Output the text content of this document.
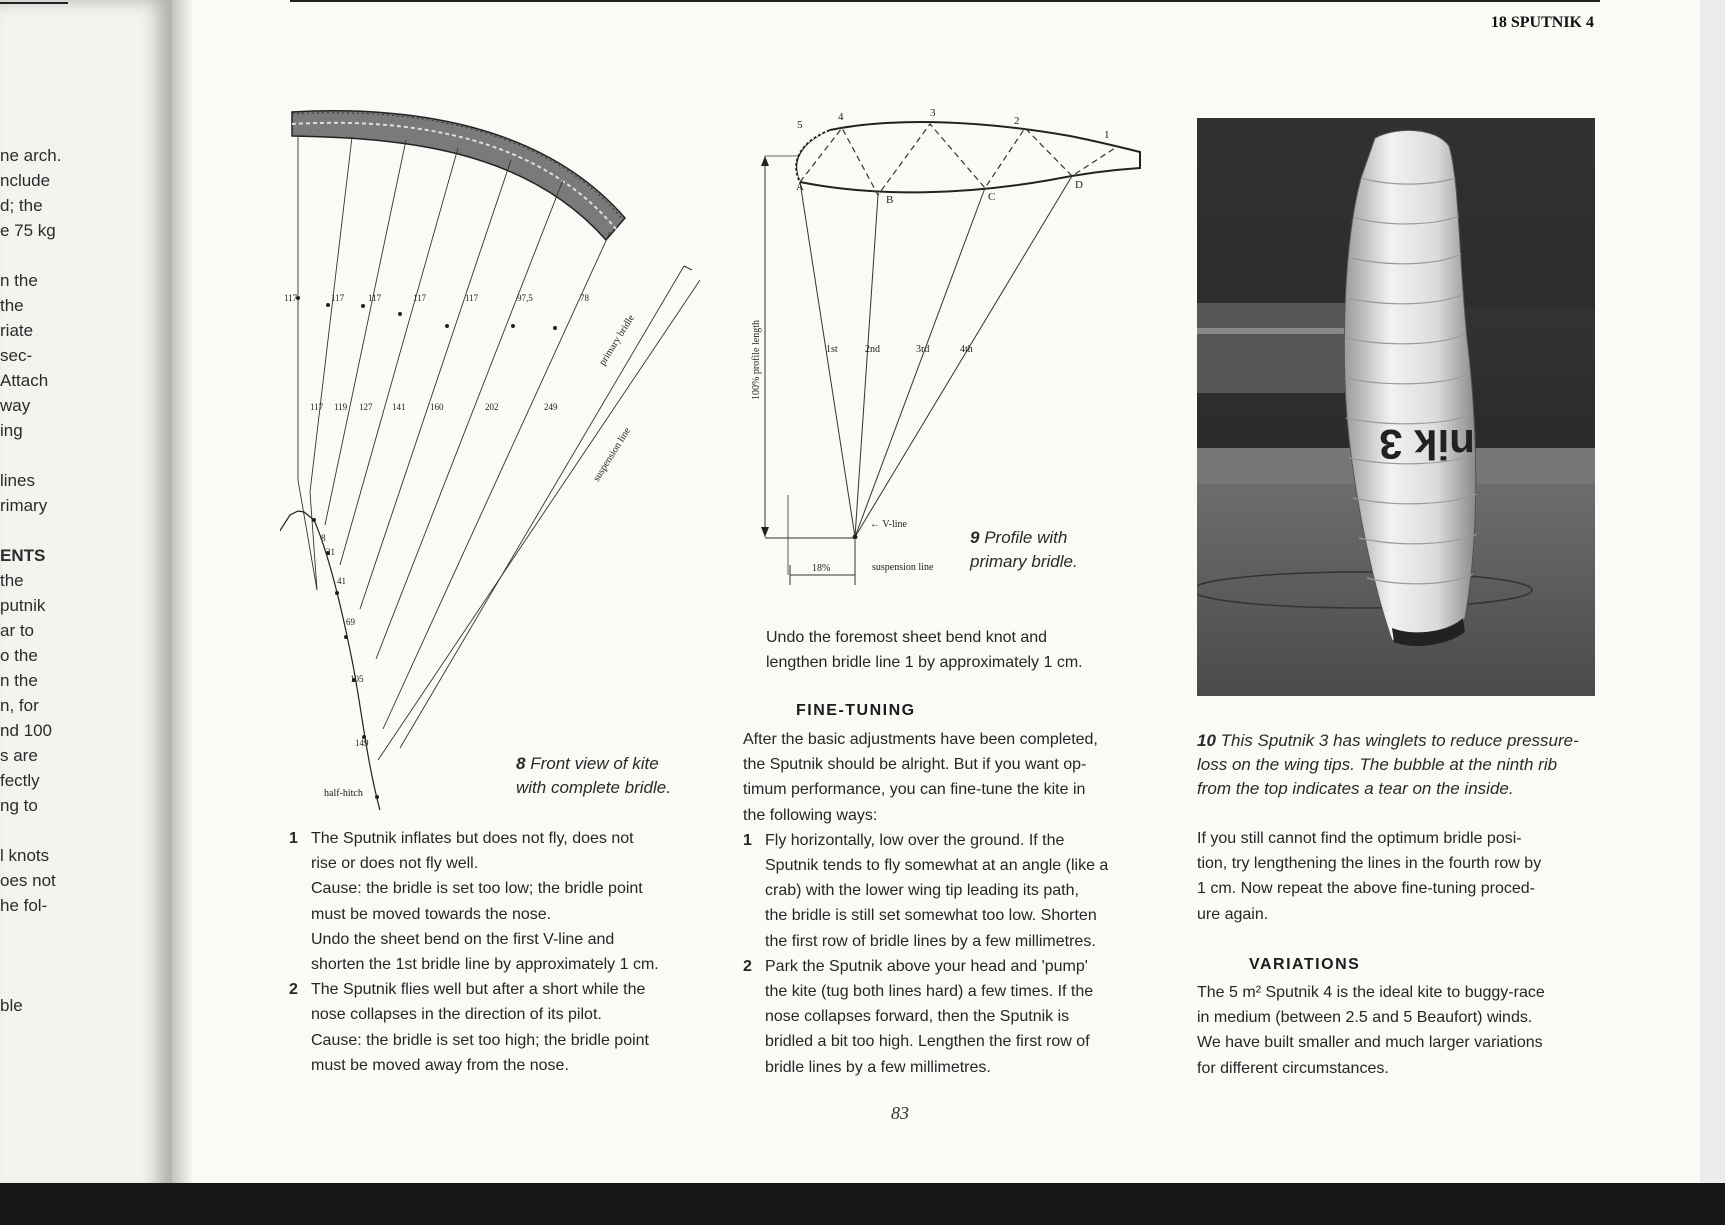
ne arch.
nclude
d; the
e 75 kg
n the
the
riate
sec-
Attach
way
ing
lines
rimary
ENTS
the
putnik
ar to
o the
n the
n, for
nd 100
s are
fectly
ng to
l knots
oes not
he fol-
ble
18 SPUTNIK 4
117	117	117	117	117	97,5	78
117 119 127 141	160	202	249
8
21
41
69
105
149
half-hitch
primary bridle
suspension line
8 Front view of kite
with complete bridle.
5
4	3
2
1
A
B	C
D
1st	2nd	3rd	4th
← V-line
100% profile length
18%	suspension line
9 Profile with
primary bridle.
nik 3
10 This Sputnik 3 has winglets to reduce pressure-
loss on the wing tips. The bubble at the ninth rib
from the top indicates a tear on the inside.
1 The Sputnik inflates but does not fly, does not
rise or does not fly well.
Cause: the bridle is set too low; the bridle point
must be moved towards the nose.
Undo the sheet bend on the first V-line and
shorten the 1st bridle line by approximately 1 cm.
2 The Sputnik flies well but after a short while the
nose collapses in the direction of its pilot.
Cause: the bridle is set too high; the bridle point
must be moved away from the nose.
Undo the foremost sheet bend knot and
lengthen bridle line 1 by approximately 1 cm.
FINE-TUNING
After the basic adjustments have been completed,
the Sputnik should be alright. But if you want op-
timum performance, you can fine-tune the kite in
the following ways:
1 Fly horizontally, low over the ground. If the
Sputnik tends to fly somewhat at an angle (like a
crab) with the lower wing tip leading its path,
the bridle is still set somewhat too low. Shorten
the first row of bridle lines by a few millimetres.
2 Park the Sputnik above your head and 'pump'
the kite (tug both lines hard) a few times. If the
nose collapses forward, then the Sputnik is
bridled a bit too high. Lengthen the first row of
bridle lines by a few millimetres.
If you still cannot find the optimum bridle posi-
tion, try lengthening the lines in the fourth row by
1 cm. Now repeat the above fine-tuning proced-
ure again.
VARIATIONS
The 5 m² Sputnik 4 is the ideal kite to buggy-race
in medium (between 2.5 and 5 Beaufort) winds.
We have built smaller and much larger variations
for different circumstances.
83
